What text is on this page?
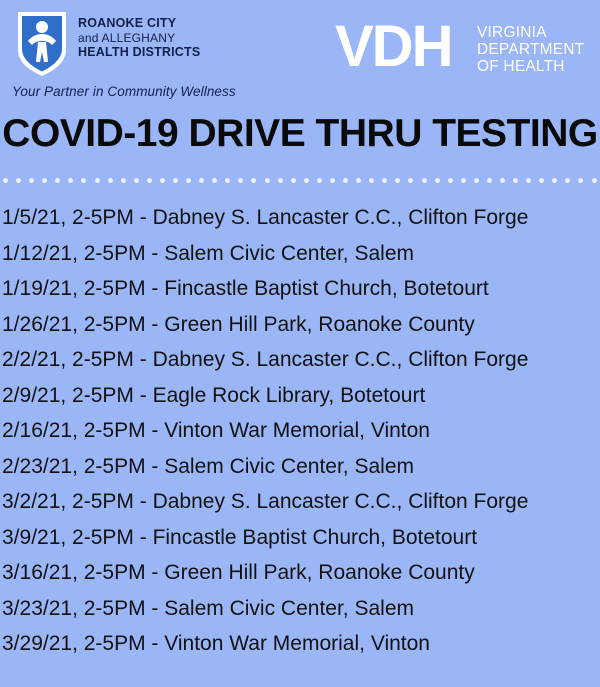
ROANOKE CITY
and ALLEGHANY
HEALTH DISTRICTS
Your Partner in Community Wellness
VDH VIRGINIA
DEPARTMENT
OF HEALTH
COVID-19 DRIVE THRU TESTING
1/5/21, 2-5PM - Dabney S. Lancaster C.C., Clifton Forge
1/12/21, 2-5PM - Salem Civic Center, Salem
1/19/21, 2-5PM - Fincastle Baptist Church, Botetourt
1/26/21, 2-5PM - Green Hill Park, Roanoke County
2/2/21, 2-5PM - Dabney S. Lancaster C.C., Clifton Forge
2/9/21, 2-5PM - Eagle Rock Library, Botetourt
2/16/21, 2-5PM - Vinton War Memorial, Vinton
2/23/21, 2-5PM - Salem Civic Center, Salem
3/2/21, 2-5PM - Dabney S. Lancaster C.C., Clifton Forge
3/9/21, 2-5PM - Fincastle Baptist Church, Botetourt
3/16/21, 2-5PM - Green Hill Park, Roanoke County
3/23/21, 2-5PM - Salem Civic Center, Salem
3/29/21, 2-5PM - Vinton War Memorial, Vinton
